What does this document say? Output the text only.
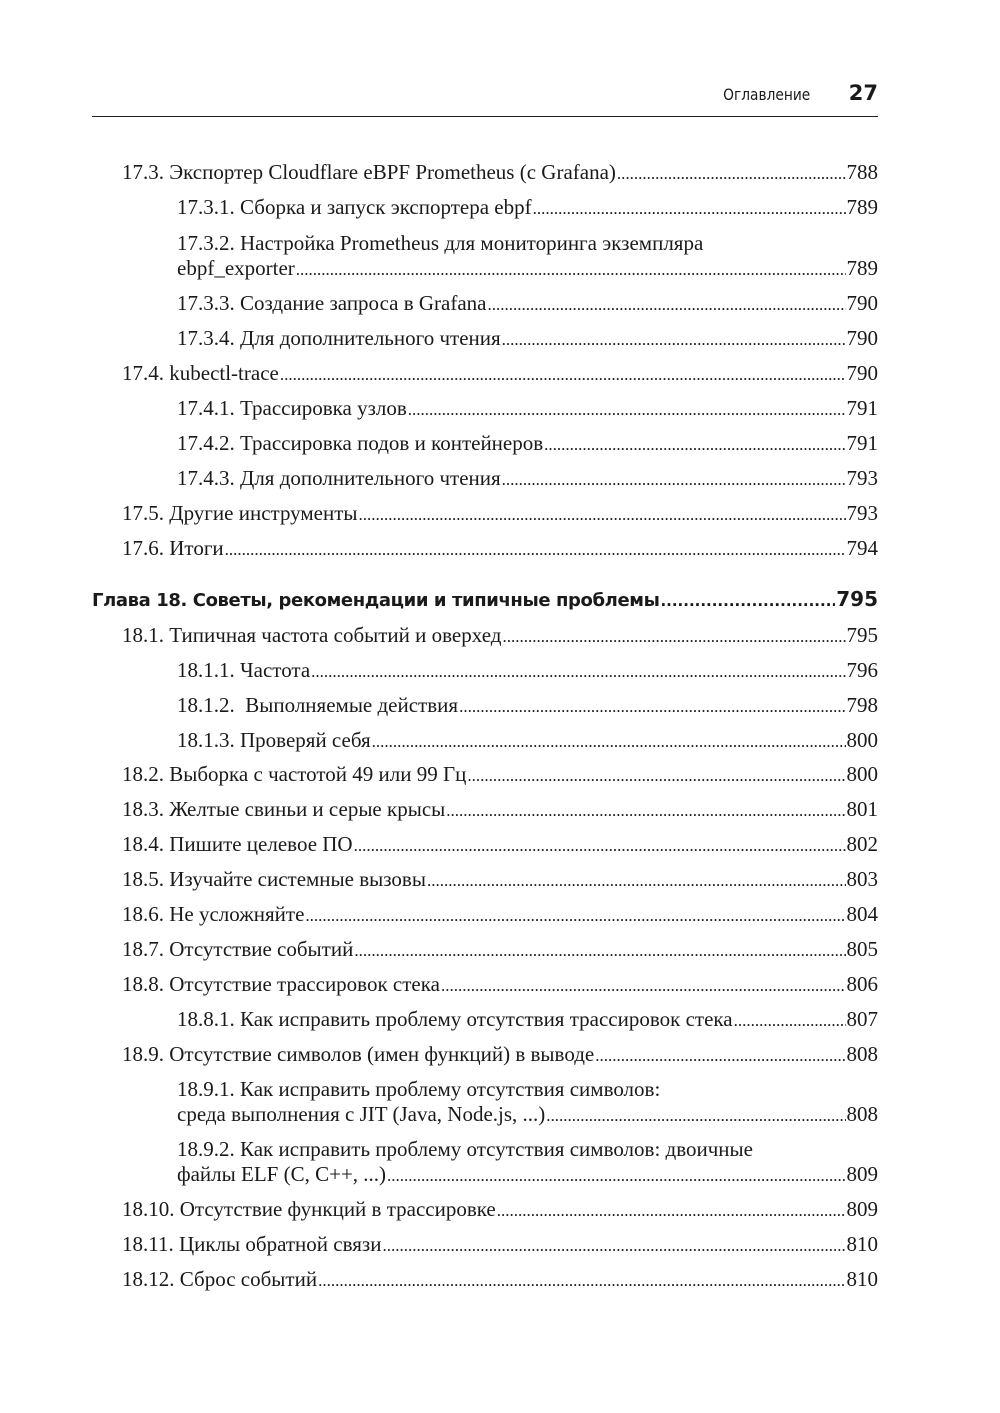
Оглавление 27
17.3. Экспортер Cloudflare eBPF Prometheus (с Grafana) .....	788
17.3.1. Сборка и запуск экспортера ebpf .....	789
17.3.2. Настройка Prometheus для мониторинга экземпляра
ebpf_exporter .....	789
17.3.3. Создание запроса в Grafana .....	790
17.3.4. Для дополнительного чтения .....	790
17.4. kubectl-trace .....	790
17.4.1. Трассировка узлов .....	791
17.4.2. Трассировка подов и контейнеров .....	791
17.4.3. Для дополнительного чтения .....	793
17.5. Другие инструменты .....	793
17.6. Итоги .....	794
Глава 18. Советы, рекомендации и типичные проблемы .....	795
18.1. Типичная частота событий и оверхед .....	795
18.1.1. Частота .....	796
18.1.2.  Выполняемые действия .....	798
18.1.3. Проверяй себя .....	800
18.2. Выборка с частотой 49 или 99 Гц .....	800
18.3. Желтые свиньи и серые крысы .....	801
18.4. Пишите целевое ПО .....	802
18.5. Изучайте системные вызовы .....	803
18.6. Не усложняйте .....	804
18.7. Отсутствие событий .....	805
18.8. Отсутствие трассировок стека .....	806
18.8.1. Как исправить проблему отсутствия трассировок стека .....	807
18.9. Отсутствие символов (имен функций) в выводе .....	808
18.9.1. Как исправить проблему отсутствия символов:
среда выполнения с JIT (Java, Node.js, ...) .....	808
18.9.2. Как исправить проблему отсутствия символов: двоичные
файлы ELF (C, C++, ...) .....	809
18.10. Отсутствие функций в трассировке .....	809
18.11. Циклы обратной связи .....	810
18.12. Сброс событий .....	810
